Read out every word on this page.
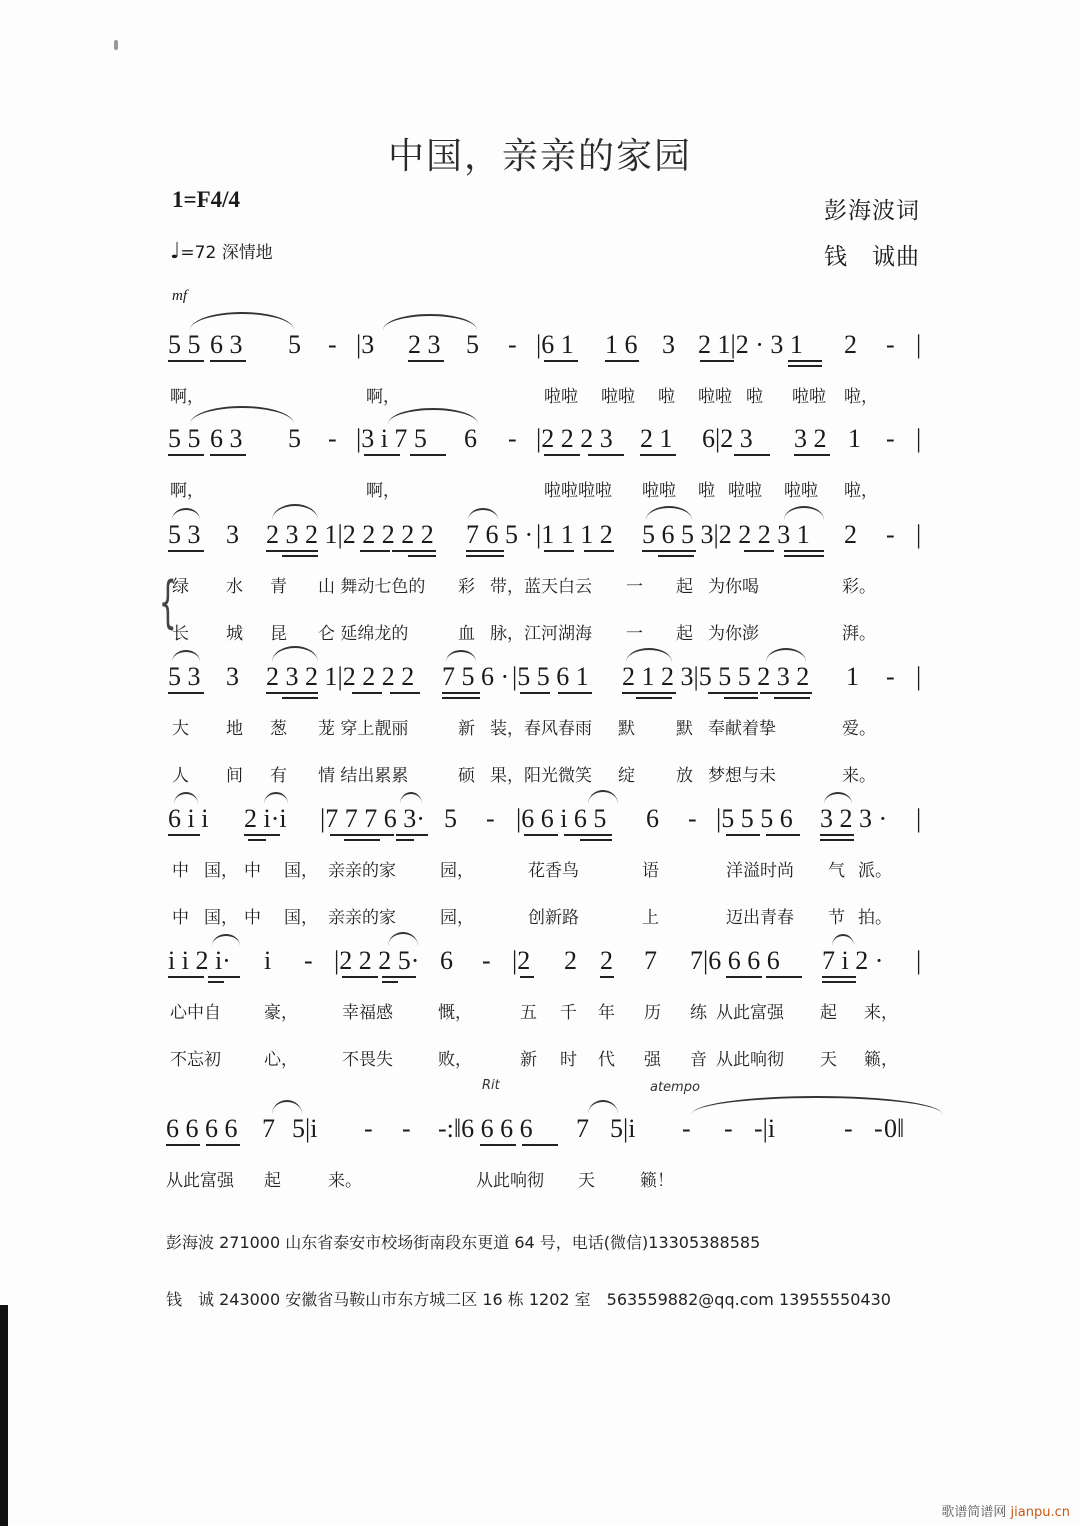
中国，亲亲的家园
1=F4/4
♩=72 深情地
彭海波词
钱　诚曲
mf
5 5 6 3 5 - |3 2 3 5 - |6 1 1 6 3 2 1|2 · 3 1 2 - |
啊，	啊，	啦啦 啦啦 啦 啦啦 啦 啦啦 啦，
5 5 6 3 5 - |3 i 7 5 6 - |2 2 2 3 2 1 6|2 3 3 2 1 - |
啊，	啊，	啦啦啦啦 啦啦 啦 啦啦 啦啦 啦，
5 3 3 2 3 2 1|2 2 2 2 2 7 6 5 · |1 1 1 2 5 6 5 3|2 2 2 3 1 2 - |
绿 水 青 山 舞动七色的 彩 带， 蓝天白云 一 起 为你喝	彩。
长 城 昆 仑 延绵龙的	血 脉， 江河湖海 一 起 为你澎	湃。
5 3 3 2 3 2 1|2 2 2 2 7 5 6 · |5 5 6 1 2 1 2 3|5 5 5 2 3 2 1 - |
大 地 葱 茏 穿上靓丽	新 装， 春风春雨 默 默 奉献着挚	爱。
人 间 有 情 结出累累	硕 果， 阳光微笑 绽 放 梦想与未	来。
6 i i 2 i·i |7 7 7 6 3· 5 - |6 6 i 6 5 6 - |5 5 5 6 3 2 3 · |
中 国， 中 国， 亲亲的家	园，	花香鸟	语	洋溢时尚 气 派。
中 国， 中 国， 亲亲的家	园，	创新路	上	迈出青春 节 拍。
i i 2 i· i - |2 2 2 5· 6 - |2 2 2 7 7|6 6 6 6 7 i 2 · |
心中自	豪，	幸福感	慨，	五 千 年 历 练 从此富强 起 来，
不忘初	心，	不畏失	败，	新 时 代 强 音 从此响彻 天 籁，
6 6 6 6 7 5|i - - -:‖6 6 6 6 7 5|i - - -|i	- - 0‖
从此富强 起	来。	从此响彻 天	籁！
{
Rit	atempo
彭海波 271000 山东省泰安市校场街南段东更道 64 号，电话(微信)13305388585
钱　诚 243000 安徽省马鞍山市东方城二区 16 栋 1202 室　563559882@qq.com 13955550430
歌谱简谱网 jianpu.cn
